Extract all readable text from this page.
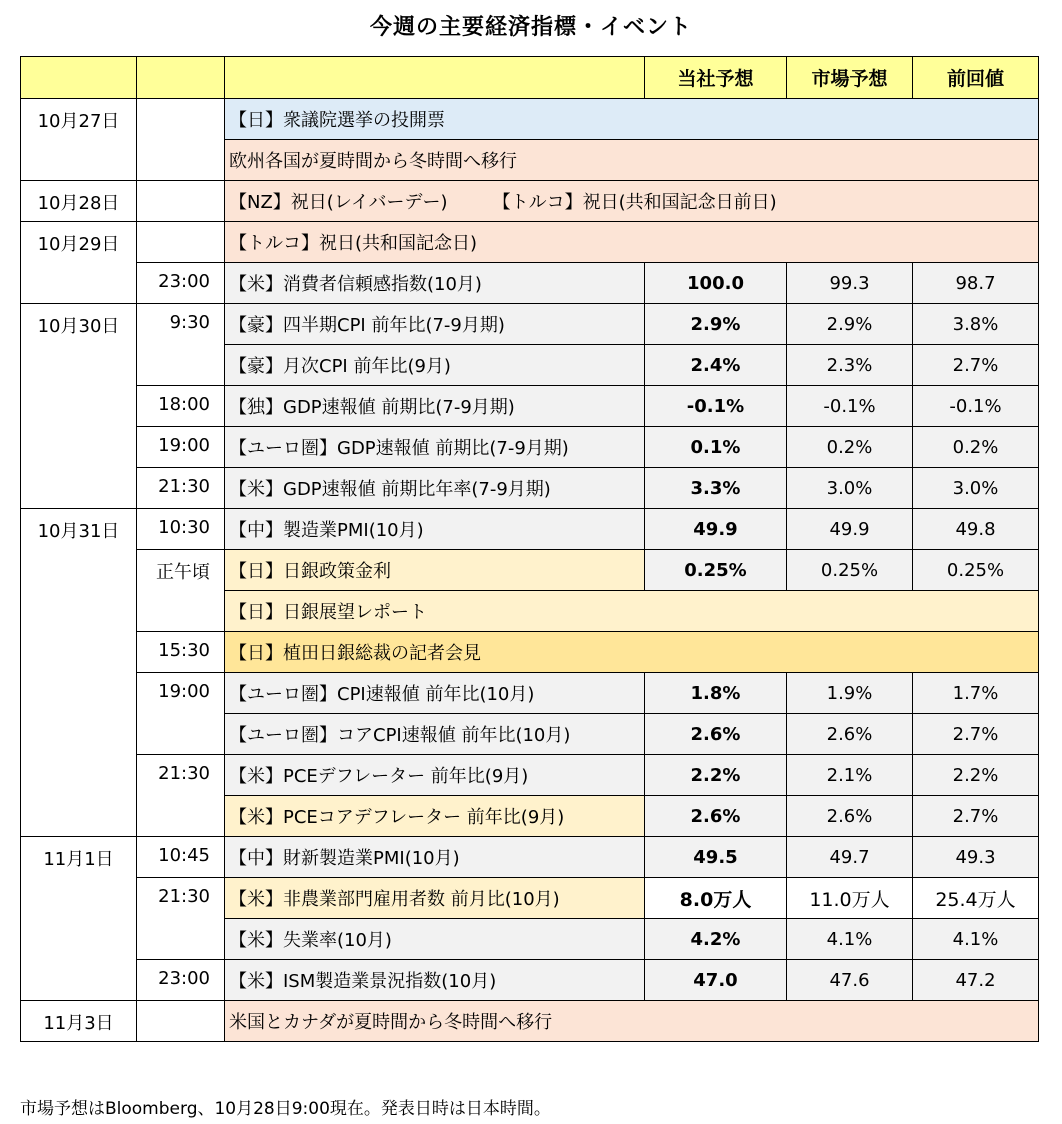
今週の主要経済指標・イベント
			当社予想	市場予想	前回値
10月27日		【日】衆議院選挙の投開票			
		欧州各国が夏時間から冬時間へ移行			
10月28日		【NZ】祝日(レイバーデー)　　　【トルコ】祝日(共和国記念日前日)			
10月29日		【トルコ】祝日(共和国記念日)			
	23:00	【米】消費者信頼感指数(10月)	100.0	99.3	98.7
10月30日	9:30	【豪】四半期CPI 前年比(7-9月期)	2.9%	2.9%	3.8%
		【豪】月次CPI 前年比(9月)	2.4%	2.3%	2.7%
	18:00	【独】GDP速報値 前期比(7-9月期)	-0.1%	-0.1%	-0.1%
	19:00	【ユーロ圏】GDP速報値 前期比(7-9月期)	0.1%	0.2%	0.2%
	21:30	【米】GDP速報値 前期比年率(7-9月期)	3.3%	3.0%	3.0%
10月31日	10:30	【中】製造業PMI(10月)	49.9	49.9	49.8
	正午頃	【日】日銀政策金利	0.25%	0.25%	0.25%
		【日】日銀展望レポート			
	15:30	【日】植田日銀総裁の記者会見			
	19:00	【ユーロ圏】CPI速報値 前年比(10月)	1.8%	1.9%	1.7%
		【ユーロ圏】コアCPI速報値 前年比(10月)	2.6%	2.6%	2.7%
	21:30	【米】PCEデフレーター 前年比(9月)	2.2%	2.1%	2.2%
		【米】PCEコアデフレーター 前年比(9月)	2.6%	2.6%	2.7%
11月1日	10:45	【中】財新製造業PMI(10月)	49.5	49.7	49.3
	21:30	【米】非農業部門雇用者数 前月比(10月)	8.0万人	11.0万人	25.4万人
		【米】失業率(10月)	4.2%	4.1%	4.1%
	23:00	【米】ISM製造業景況指数(10月)	47.0	47.6	47.2
11月3日		米国とカナダが夏時間から冬時間へ移行			
市場予想はBloomberg、10月28日9:00現在。発表日時は日本時間。
